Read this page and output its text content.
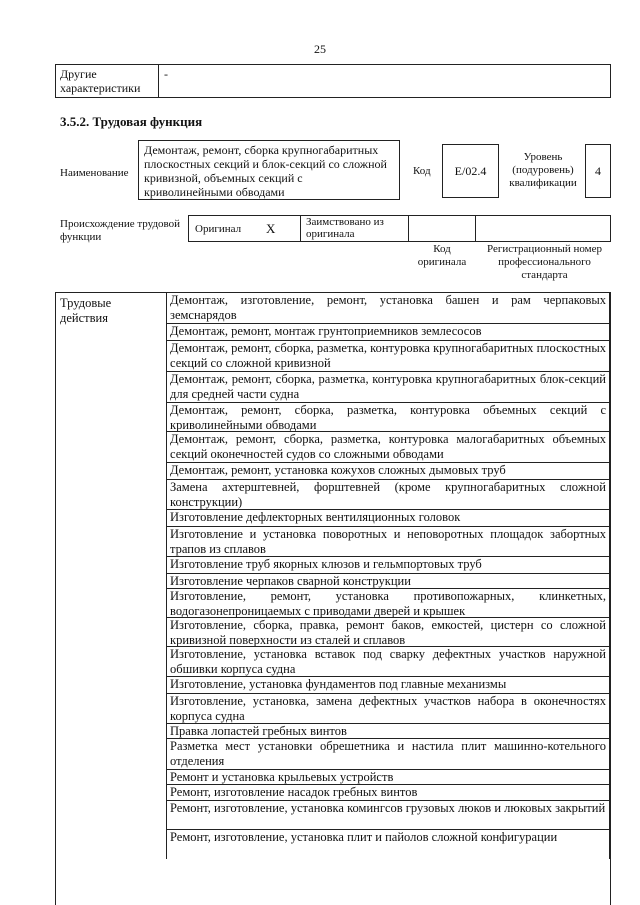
25
Другие характеристики
-
3.5.2. Трудовая функция
Наименование
Демонтаж, ремонт, сборка крупногабаритных плоскостных секций и блок-секций со сложной кривизной, объемных секций с криволинейными обводами
Код	E/02.4
Уровень (подуровень) квалификации
4
Происхождение трудовой функции
Оригинал X	Заимствовано из оригинала
Код оригинала
Регистрационный номер профессионального стандарта
Трудовые действия
Демонтаж, изготовление, ремонт, установка башен и рам черпаковых земснарядов
Демонтаж, ремонт, монтаж грунтоприемников землесосов
Демонтаж, ремонт, сборка, разметка, контуровка крупногабаритных плоскостных секций со сложной кривизной
Демонтаж, ремонт, сборка, разметка, контуровка крупногабаритных блок-секций для средней части судна
Демонтаж, ремонт, сборка, разметка, контуровка объемных секций с криволинейными обводами
Демонтаж, ремонт, сборка, разметка, контуровка малогабаритных объемных секций оконечностей судов со сложными обводами
Демонтаж, ремонт, установка кожухов сложных дымовых труб
Замена ахтерштевней, форштевней (кроме крупногабаритных сложной конструкции)
Изготовление дефлекторных вентиляционных головок
Изготовление и установка поворотных и неповоротных площадок забортных трапов из сплавов
Изготовление труб якорных клюзов и гельмпортовых труб
Изготовление черпаков сварной конструкции
Изготовление, ремонт, установка противопожарных, клинкетных, водогазонепроницаемых с приводами дверей и крышек
Изготовление, сборка, правка, ремонт баков, емкостей, цистерн со сложной кривизной поверхности из сталей и сплавов
Изготовление, установка вставок под сварку дефектных участков наружной обшивки корпуса судна
Изготовление, установка фундаментов под главные механизмы
Изготовление, установка, замена дефектных участков набора в оконечностях корпуса судна
Правка лопастей гребных винтов
Разметка мест установки обрешетника и настила плит машинно-котельного отделения
Ремонт и установка крыльевых устройств
Ремонт, изготовление насадок гребных винтов
Ремонт, изготовление, установка комингсов грузовых люков и люковых закрытий
Ремонт, изготовление, установка плит и пайолов сложной конфигурации
